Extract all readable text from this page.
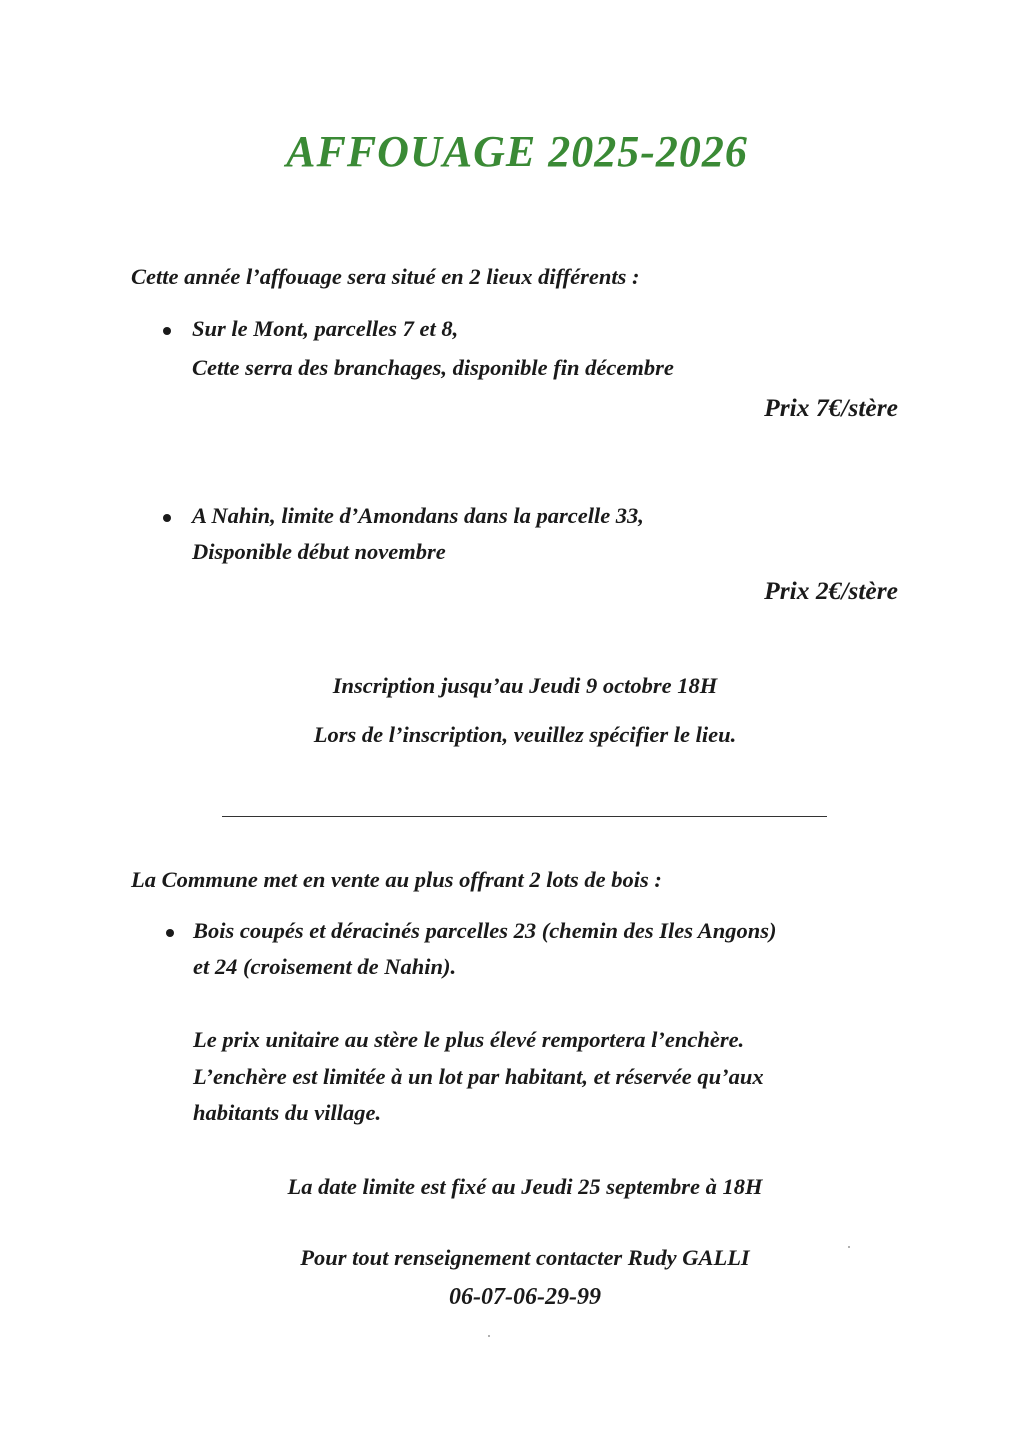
AFFOUAGE 2025-2026

Cette année l’affouage sera situé en 2 lieux différents :

Sur le Mont, parcelles 7 et 8,

Cette serra des branchages, disponible fin décembre

Prix 7€/stère

A Nahin, limite d’Amondans dans la parcelle 33,

Disponible début novembre

Prix 2€/stère

Inscription jusqu’au Jeudi 9 octobre 18H

Lors de l’inscription, veuillez spécifier le lieu.

La Commune met en vente au plus offrant 2 lots de bois :

Bois coupés et déracinés parcelles 23 (chemin des Iles Angons)

et 24 (croisement de Nahin).

Le prix unitaire au stère le plus élevé remportera l’enchère.

L’enchère est limitée à un lot par habitant, et réservée qu’aux

habitants du village.

La date limite est fixé au Jeudi 25 septembre à 18H

Pour tout renseignement contacter Rudy GALLI

06-07-06-29-99
